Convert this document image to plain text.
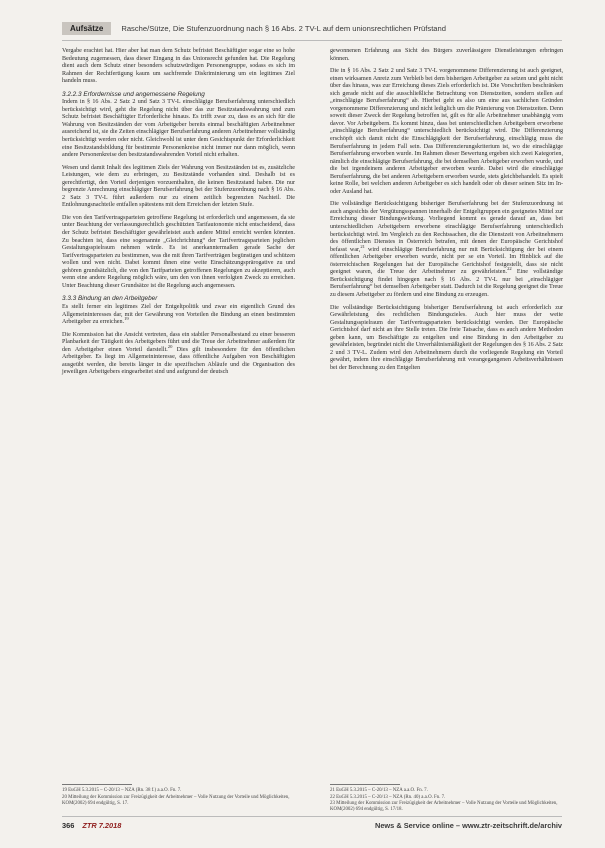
Aufsätze	Rasche/Sütze, Die Stufenzuordnung nach § 16 Abs. 2 TV-L auf dem unionsrechtlichen Prüfstand

Vergabe erachtet hat. Hier aber hat man dem Schutz befristet Beschäftigter sogar eine so hohe Bedeutung zugemessen, dass dieser Eingang in das Unionsrecht gefunden hat. Die Regelung dient auch dem Schutz einer besonders schutzwürdigen Personengruppe, sodass es sich im Rahmen der Rechtfertigung kaum um sachfremde Diskriminierung um ein legitimes Ziel handeln muss.

3.2.2.3 Erfordernisse und angemessene Regelung

Indem in § 16 Abs. 2 Satz 2 und Satz 3 TV-L einschlägige Berufserfahrung unterschiedlich berücksichtigt wird, geht die Regelung nicht über das zur Besitzstandswahrung und zum Schutz befristet Beschäftigter Erforderliche hinaus. Es trifft zwar zu, dass es an sich für die Wahrung von Besitzständen der vom Arbeitgeber bereits einmal beschäftigten Arbeitnehmer ausreichend ist, sie die Zeiten einschlägiger Berufserfahrung anderen Arbeitnehmer vollständig berücksichtigt werden oder nicht. Gleichwohl ist unter dem Gesichtspunkt der Erforderlichkeit eine Besitzstandsbildung für bestimmte Personenkreise nicht immer nur dann möglich, wenn andere Personenkreise den besitzstandswahrenden Vorteil nicht erhalten.

Wesen und damit Inhalt des legitimen Ziels der Wahrung von Besitzständen ist es, zusätzliche Leistungen, wie dem zu erbringen, zu Besitzstände vorhanden sind. Deshalb ist es gerechtfertigt, den Vorteil derjenigen vorzuenthalten, die keinen Besitzstand haben. Die nur begrenzte Anrechnung einschlägiger Berufserfahrung bei der Stufenzuordnung nach § 16 Abs. 2 Satz 3 TV-L führt außerdem nur zu einem zeitlich begrenzten Nachteil. Die Entlohnungsnachteile entfallen spätestens mit dem Erreichen der letzten Stufe.

Die von den Tarifvertragsparteien getroffene Regelung ist erforderlich und angemessen, da sie unter Beachtung der verfassungsrechtlich geschützten Tarifautonomie nicht entscheidend, dass der Schutz befristet Beschäftigter gewährleistet auch andere Mittel erreicht werden könnten. Zu beachten ist, dass eine sogenannte „Gleichrichtung“ der Tarifvertragsparteien jeglichen Gestaltungsspielraum nehmen würde. Es ist anerkanntermaßen gerade Sache der Tarifvertragsparteien zu bestimmen, was die mit ihren Tarifverträgen begünstigen und schützen wollen und wen nicht. Dabei kommt ihnen eine weite Einschätzungsprärogative zu und gehören grundsätzlich, die von den Tarifparteien getroffenen Regelungen zu akzeptieren, auch wenn eine andere Regelung möglich wäre, um den von ihnen verfolgten Zweck zu erreichen. Unter Beachtung dieser Grundsätze ist die Regelung auch angemessen.

3.3.3 Bindung an den Arbeitgeber

Es stellt ferner ein legitimes Ziel der Entgeltpolitik und zwar ein eigentlich Grund des Allgemeininteresses dar, mit der Gewährung von Vorteilen die Bindung an einen bestimmten Arbeitgeber zu erreichen.$^{19}$

Die Kommission hat die Ansicht vertreten, dass ein stabiler Personalbestand zu einer besseren Planbarkeit der Tätigkeit des Arbeitgebers führt und die Treue der Arbeitnehmer außerdem für den Arbeitgeber einen Vorteil darstellt.$^{20}$ Dies gilt insbesondere für den öffentlichen Arbeitgeber. Es liegt im Allgemeininteresse, dass öffentliche Aufgaben von Beschäftigten ausgeübt werden, die bereits länger in die spezifischen Abläufe und die Organisation des jeweiligen Arbeitgebers eingearbeitet sind und aufgrund der deutsch

gewonnenen Erfahrung aus Sicht des Bürgers zuverlässigere Dienstleistungen erbringen können.

Die in § 16 Abs. 2 Satz 2 und Satz 3 TV-L vorgenommene Differenzierung ist auch geeignet, einen wirksamen Anreiz zum Verbleib bei dem bisherigen Arbeitgeber zu setzen und geht nicht über das hinaus, was zur Erreichung dieses Ziels erforderlich ist. Die Vorschriften beschränken sich gerade nicht auf die ausschließliche Betrachtung von Dienstzeiten, sondern stellen auf „einschlägige Berufserfahrung“ ab. Hierbei geht es also um eine aus sachlichen Gründen vorgenommene Differenzierung und nicht lediglich um die Prämierung von Dienstzeiten. Denn soweit dieser Zweck der Regelung betroffen ist, gilt es für alle Arbeitnehmer unabhängig vom davor. Vor Arbeitgebern. Es kommt hinzu, dass bei unterschiedlichen Arbeitgebern erworbene „einschlägige Berufserfahrung“ unterschiedlich berücksichtigt wird. Die Differenzierung erschöpft sich damit nicht die Einschlägigkeit der Berufserfahrung, einschlägig muss die Berufserfahrung in jedem Fall sein. Das Differenzierungskriterium ist, wo die einschlägige Berufserfahrung erworben wurde. Im Rahmen dieser Bewertung ergeben sich zwei Kategorien, nämlich die einschlägige Berufserfahrung, die bei demselben Arbeitgeber erworben wurde, und die bei irgendeinem anderen Arbeitgeber erworben wurde. Dabei wird die einschlägige Berufserfahrung, die bei anderen Arbeitgebern erworben wurde, stets gleichbehandelt. Es spielt keine Rolle, bei welchen anderen Arbeitgeber es sich handelt oder ob dieser seinen Sitz im In- oder Ausland hat.

Die vollständige Berücksichtigung bisheriger Berufserfahrung bei der Stufenzuordnung ist auch angesichts der Vergütungsspannen innerhalb der Entgeltgruppen ein geeignetes Mittel zur Erreichung dieser Bindungswirkung. Vorliegend kommt es gerade darauf an, dass bei unterschiedlichen Arbeitgebern erworbene einschlägige Berufserfahrung unterschiedlich berücksichtigt wird. Im Vergleich zu den Rechtssachen, die die Dienstzeit von Arbeitnehmern des öffentlichen Dienstes in Österreich betrafen, mit denen der Europäische Gerichtshof befasst war,$^{21}$ wird einschlägige Berufserfahrung nur mit Berücksichtigung der bei einem öffentlichen Arbeitgeber erworben wurde, nicht per se ein Vorteil. Im Hinblick auf die österreichischen Regelungen hat der Europäische Gerichtshof festgestellt, dass sie nicht geeignet waren, die Treue der Arbeitnehmer zu gewährleisten.$^{22}$ Eine vollständige Berücksichtigung findet hingegen nach § 16 Abs. 2 TV-L nur bei „einschlägiger Berufserfahrung“ bei demselben Arbeitgeber statt. Dadurch ist die Regelung geeignet die Treue zu diesem Arbeitgeber zu fördern und eine Bindung zu erzeugen.

Die vollständige Berücksichtigung bisheriger Berufserfahrung ist auch erforderlich zur Gewährleistung des rechtlichen Bindungszieles. Auch hier muss der weite Gestaltungsspielraum der Tarifvertragsparteien berücksichtigt werden. Der Europäische Gerichtshof darf nicht an ihre Stelle treten. Die freie Tatsache, dass es auch andere Methoden geben kann, um Beschäftigte zu entgelten und eine Bindung in den Arbeitgeber zu gewährleisten, begründet nicht die Unverhältnismäßigkeit der Regelungen des § 16 Abs. 2 Satz 2 und 3 TV-L. Zudem wird den Arbeitnehmern durch die vorliegende Regelung ein Vorteil gewährt, indem ihre einschlägige Berufserfahrung mit vorangegangenen Arbeitsverhältnissen bei der Berechnung zu den Entgelten

19 EuGH 5.3.2015 – C-20/13 – NZA (Rn. 38 f.) a.a.O. Fn. 7.
20 Mitteilung der Kommission zur Freizügigkeit der Arbeitnehmer – Volle Nutzung der Vorteile und Möglichkeiten, KOM(2002) 694 endgültig, S. 17.
21 EuGH 5.3.2015 – C-20/13 – NZA a.a.O. Fn. 7.
22 EuGH 5.3.2015 – C-20/13 – NZA (Rn. 40) a.a.O. Fn. 7.
23 Mitteilung der Kommission zur Freizügigkeit der Arbeitnehmer – Volle Nutzung der Vorteile und Möglichkeiten, KOM(2002) 694 endgültig, S. 17/18.
366 ZTR 7.2018	News & Service online – www.ztr-zeitschrift.de/archiv
